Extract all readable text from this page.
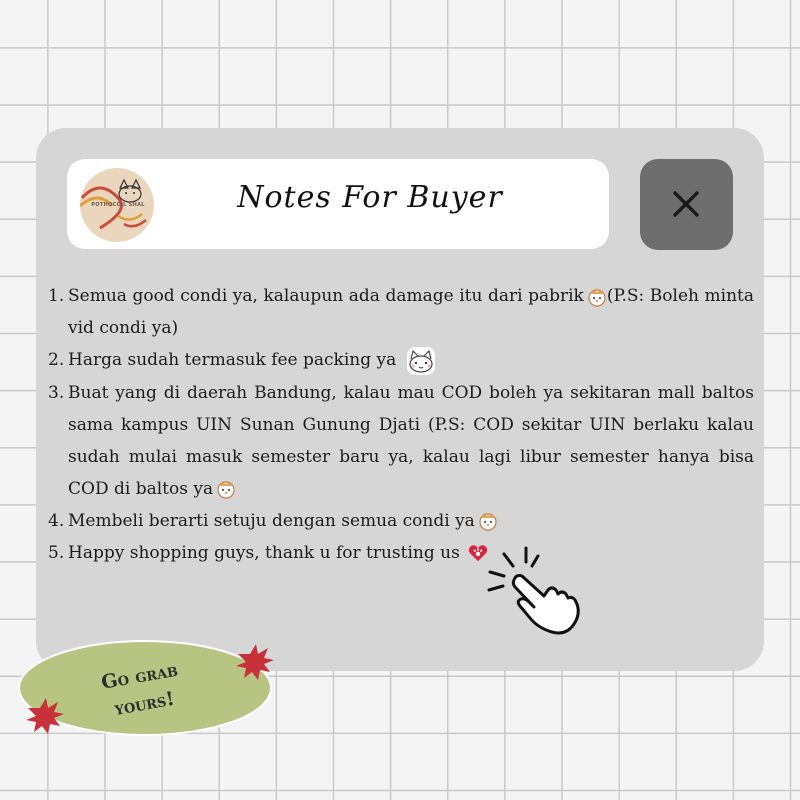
POTHOCOIL SHAL	Notes For Buyer
1. Semua good condi ya, kalaupun ada damage itu dari pabrik (P.S: Boleh minta vid condi ya)
2. Harga sudah termasuk fee packing ya
3. Buat yang di daerah Bandung, kalau mau COD boleh ya sekitaran mall baltos sama kampus UIN Sunan Gunung Djati (P.S: COD sekitar UIN berlaku kalau sudah mulai masuk semester baru ya, kalau lagi libur semester hanya bisa COD di baltos ya
4. Membeli berarti setuju dengan semua condi ya
5. Happy shopping guys, thank u for trusting us
Go grab
yours!
